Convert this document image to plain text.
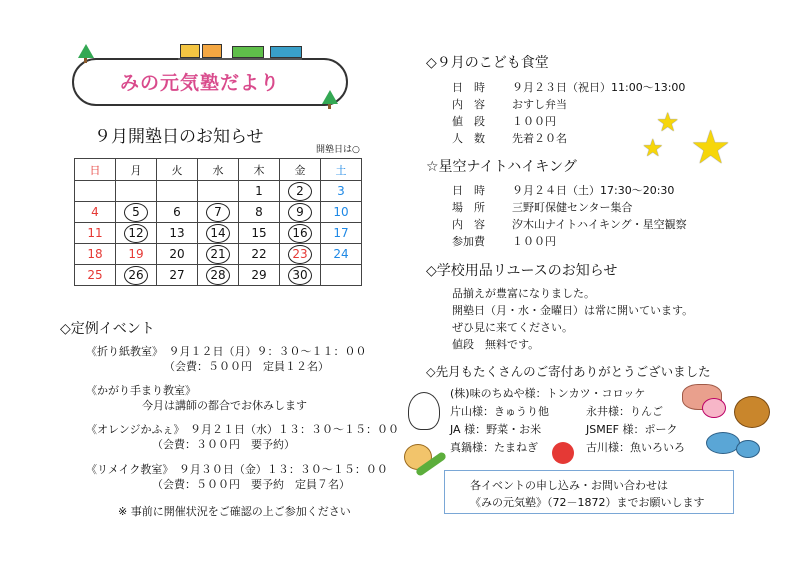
みの元気塾だより
９月開塾日のお知らせ
開塾日は○
日	月	火	水	木	金	土
				1	2	3
4	5	6	7	8	9	10
11	12	13	14	15	16	17
18	19	20	21	22	23	24
25	26	27	28	29	30	
◇定例イベント
《折り紙教室》　９月１２日（月）９：３０～１１：００
（会費：５００円　定員１２名）
《かがり手まり教室》
今月は講師の都合でお休みします
《オレンジかふぇ》　９月２１日（水）１３：３０～１５：００
（会費：３００円　要予約）
《リメイク教室》　９月３０日（金）１３：３０～１５：００
（会費：５００円　要予約　定員７名）
※ 事前に開催状況をご確認の上ご参加ください
◇９月のこども食堂
日　時	９月２３日（祝日）11:00～13:00
内　容 おすし弁当
値　段 １００円
人　数 先着２０名
★ ★
★
☆星空ナイトハイキング
日　時 ９月２４日（土）17:30～20:30
場　所 三野町保健センター集合
内　容 汐木山ナイトハイキング・星空観察
参加費 １００円
◇学校用品リユースのお知らせ
品揃えが豊富になりました。
開塾日（月・水・金曜日）は常に開いています。
ぜひ見に来てください。
値段　無料です。
◇先月もたくさんのご寄付ありがとうございました
(株)味のちぬや様：トンカツ・コロッケ
片山様：きゅうり他	永井様：りんご
JA 様：野菜・お米	JSMEF 様：ポーク
真鍋様：たまねぎ	古川様：魚いろいろ
各イベントの申し込み・お問い合わせは
《みの元気塾》（72－1872）までお願いします
